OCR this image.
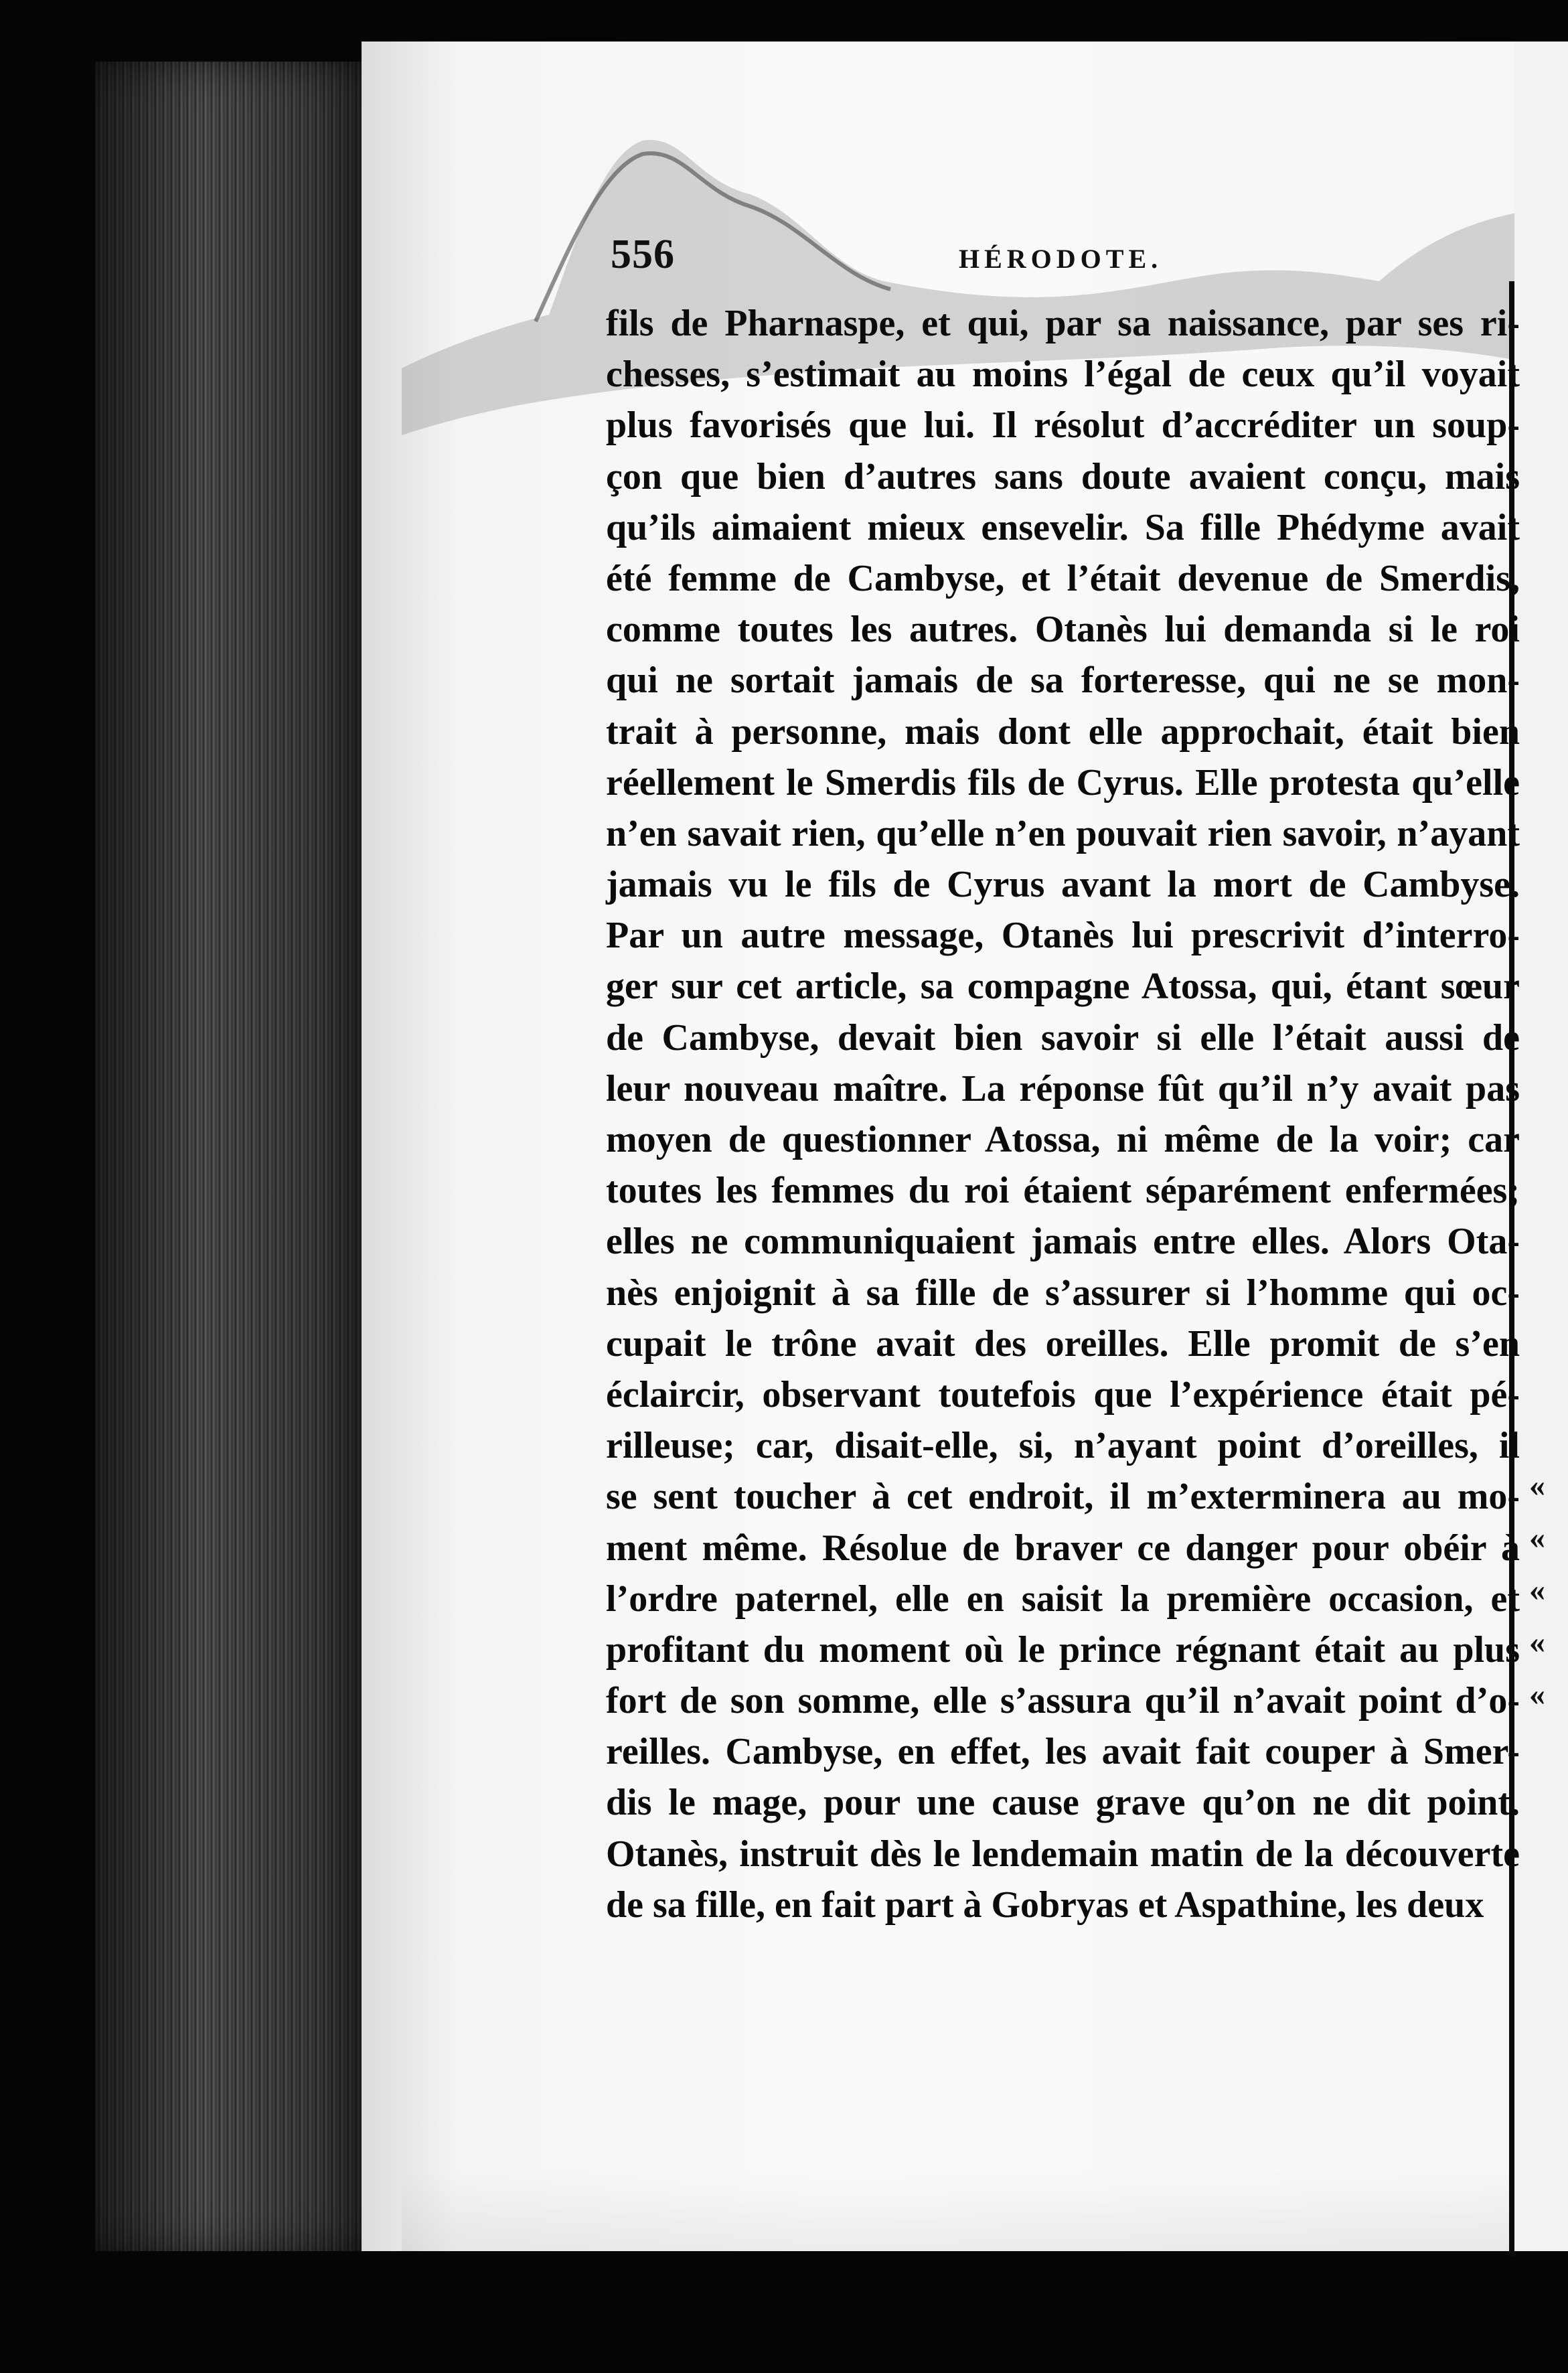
556	HÉRODOTE.
fils de Pharnaspe, et qui, par sa naissance, par ses ri-
chesses, s’estimait au moins l’égal de ceux qu’il voyait
plus favorisés que lui. Il résolut d’accréditer un soup-
çon que bien d’autres sans doute avaient conçu, mais
qu’ils aimaient mieux ensevelir. Sa fille Phédyme avait
été femme de Cambyse, et l’était devenue de Smerdis,
comme toutes les autres. Otanès lui demanda si le roi
qui ne sortait jamais de sa forteresse, qui ne se mon-
trait à personne, mais dont elle approchait, était bien
réellement le Smerdis fils de Cyrus. Elle protesta qu’elle
n’en savait rien, qu’elle n’en pouvait rien savoir, n’ayant
jamais vu le fils de Cyrus avant la mort de Cambyse.
Par un autre message, Otanès lui prescrivit d’interro-
ger sur cet article, sa compagne Atossa, qui, étant sœur
de Cambyse, devait bien savoir si elle l’était aussi de
leur nouveau maître. La réponse fût qu’il n’y avait pas
moyen de questionner Atossa, ni même de la voir; car
toutes les femmes du roi étaient séparément enfermées;
elles ne communiquaient jamais entre elles. Alors Ota-
nès enjoignit à sa fille de s’assurer si l’homme qui oc-
cupait le trône avait des oreilles. Elle promit de s’en
éclaircir, observant toutefois que l’expérience était pé-
rilleuse; car, disait-elle, si, n’ayant point d’oreilles, il
se sent toucher à cet endroit, il m’exterminera au mo-
ment même. Résolue de braver ce danger pour obéir à
l’ordre paternel, elle en saisit la première occasion, et
profitant du moment où le prince régnant était au plus
fort de son somme, elle s’assura qu’il n’avait point d’o-
reilles. Cambyse, en effet, les avait fait couper à Smer-
dis le mage, pour une cause grave qu’on ne dit point.
Otanès, instruit dès le lendemain matin de la découverte
de sa fille, en fait part à Gobryas et Aspathine, les deux
«
«
«
«
«
